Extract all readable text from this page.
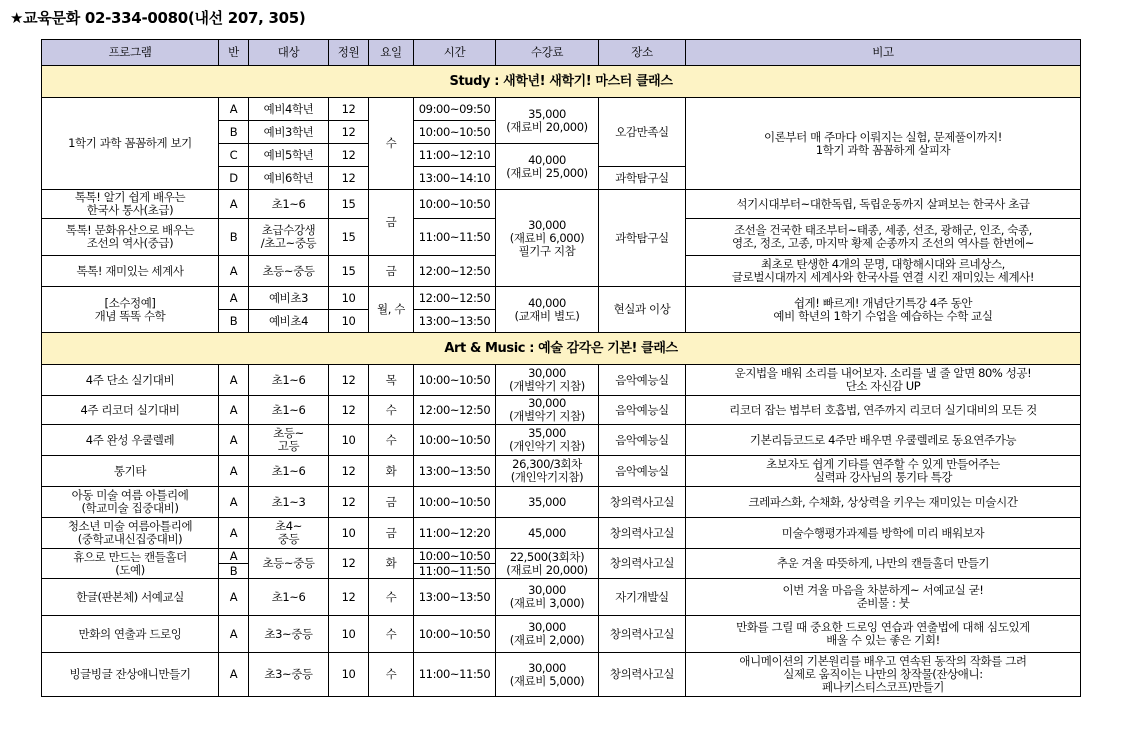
★교육문화 02-334-0080(내선 207, 305)
프로그램	반	대상	정원	요일	시간	수강료	장소	비고
Study : 새학년! 새학기! 마스터 클래스								
1학기 과학 꼼꼼하게 보기	A	예비4학년	12	수	09:00~09:50	35,000
(재료비 20,000)	오감만족실	이론부터 매 주마다 이뤄지는 실험, 문제풀이까지!
1학기 과학 꼼꼼하게 살피자
	B	예비3학년	12		10:00~10:50			
	C	예비5학년	12		11:00~12:10	40,000
(재료비 25,000)		
	D	예비6학년	12		13:00~14:10		과학탐구실	
톡톡! 알기 쉽게 배우는
한국사 통사(초급)	A	초1~6	15	금	10:00~10:50	30,000
(재료비 6,000)
필기구 지참	과학탐구실	석기시대부터~대한독립, 독립운동까지 살펴보는 한국사 초급
톡톡! 문화유산으로 배우는
조선의 역사(중급)	B	초급수강생
/초고~중등	15		11:00~11:50			조선을 건국한 태조부터~태종, 세종, 선조, 광해군, 인조, 숙종,
영조, 정조, 고종, 마지막 황제 순종까지 조선의 역사를 한번에~
톡톡! 재미있는 세계사	A	초등~중등	15	금	12:00~12:50			최초로 탄생한 4개의 문명, 대항해시대와 르네상스,
글로벌시대까지 세계사와 한국사를 연결 시킨 재미있는 세계사!
[소수정예]
개념 똑똑 수학	A	예비초3	10	월, 수	12:00~12:50	40,000
(교재비 별도)	현실과 이상	쉽게! 빠르게! 개념단기특강 4주 동안
예비 학년의 1학기 수업을 예습하는 수학 교실
	B	예비초4	10		13:00~13:50			
Art & Music : 예술 감각은 기본! 클래스								
4주 단소 실기대비	A	초1~6	12	목	10:00~10:50	30,000
(개별악기 지참)	음악예능실	운지법을 배워 소리를 내어보자. 소리를 낼 줄 알면 80% 성공!
단소 자신감 UP
4주 리코더 실기대비	A	초1~6	12	수	12:00~12:50	30,000
(개별악기 지참)	음악예능실	리코더 잡는 법부터 호흡법, 연주까지 리코더 실기대비의 모든 것
4주 완성 우쿨렐레	A	초등~
고등	10	수	10:00~10:50	35,000
(개인악기 지참)	음악예능실	기본리듬코드로 4주만 배우면 우쿨렐레로 동요연주가능
통기타	A	초1~6	12	화	13:00~13:50	26,300/3회차
(개인악기지참)	음악예능실	초보자도 쉽게 기타를 연주할 수 있게 만들어주는
실력파 강사님의 통기타 특강
아동 미술 여름 아틀리에
(학교미술 집중대비)	A	초1~3	12	금	10:00~10:50	35,000	창의력사고실	크레파스화, 수채화, 상상력을 키우는 재미있는 미술시간
청소년 미술 여름아틀리에
(중학교내신집중대비)	A	초4~
중등	10	금	11:00~12:20	45,000	창의력사고실	미술수행평가과제를 방학에 미리 배워보자
휴으로 만드는 캔들홀더
(도예)	A	초등~중등	12	화	10:00~10:50	22,500(3회차)
(재료비 20,000)	창의력사고실	추운 겨울 따뜻하게, 나만의 캔들홀더 만들기
	B				11:00~11:50			
한글(판본체) 서예교실	A	초1~6	12	수	13:00~13:50	30,000
(재료비 3,000)	자기개발실	이번 겨울 마음을 차분하게~ 서예교실 굳!
준비물 : 붓
만화의 연출과 드로잉	A	초3~중등	10	수	10:00~10:50	30,000
(재료비 2,000)	창의력사고실	만화를 그릴 때 중요한 드로잉 연습과 연출법에 대해 심도있게
배울 수 있는 좋은 기회!
빙글빙글 잔상애니만들기	A	초3~중등	10	수	11:00~11:50	30,000
(재료비 5,000)	창의력사고실	애니메이션의 기본원리를 배우고 연속된 동작의 작화를 그려
실제로 움직이는 나만의 창작물(잔상애니:
페나키스티스코프)만들기
